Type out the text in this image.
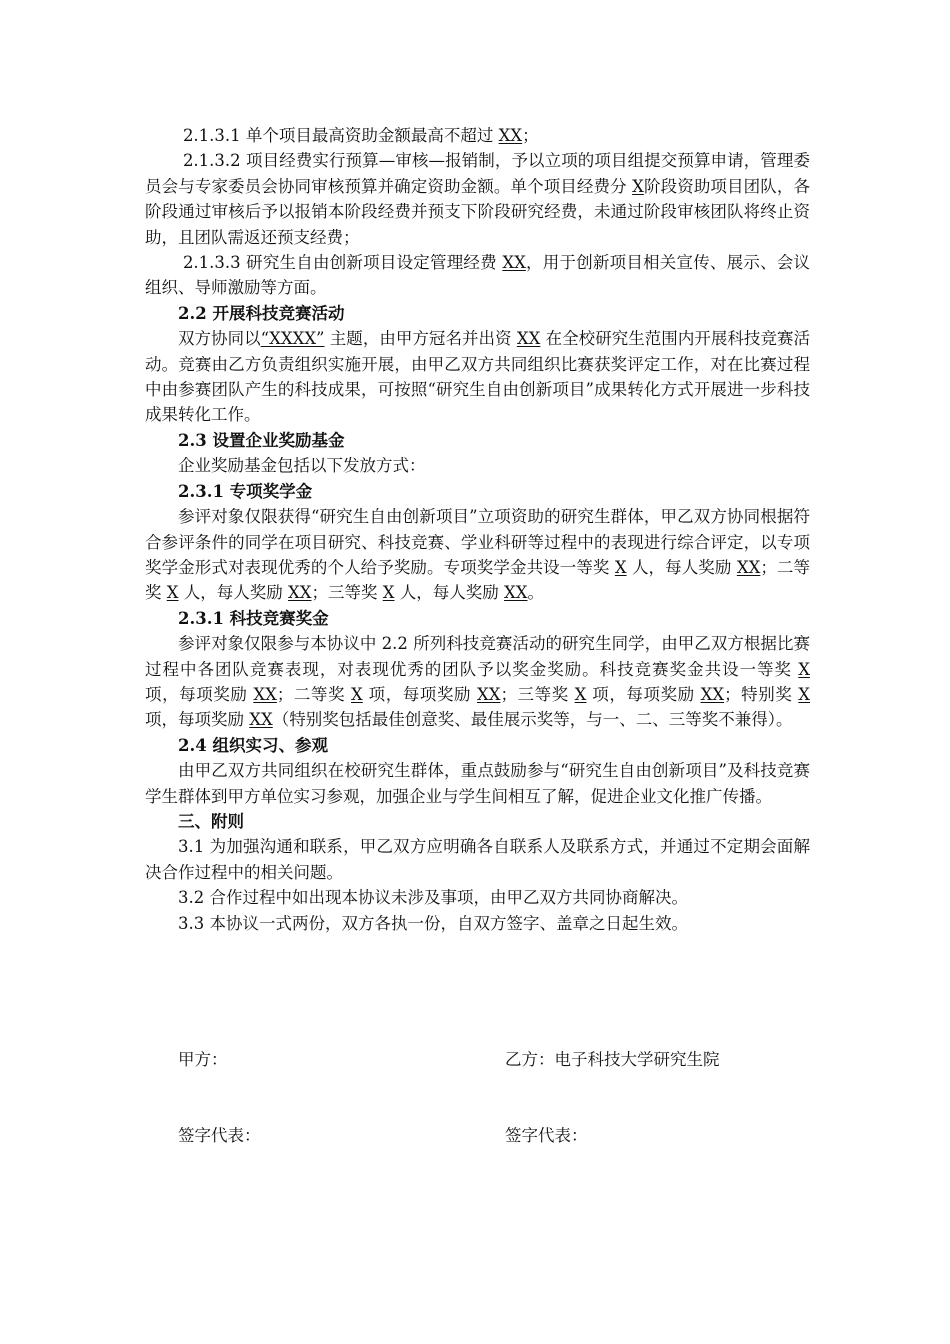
2.1.3.1 单个项目最高资助金额最高不超过 XX；

2.1.3.2 项目经费实行预算—审核—报销制，予以立项的项目组提交预算申请，管理委员会与专家委员会协同审核预算并确定资助金额。单个项目经费分 X阶段资助项目团队，各阶段通过审核后予以报销本阶段经费并预支下阶段研究经费，未通过阶段审核团队将终止资助，且团队需返还预支经费；

2.1.3.3 研究生自由创新项目设定管理经费 XX，用于创新项目相关宣传、展示、会议组织、导师激励等方面。

2.2 开展科技竞赛活动

双方协同以“XXXX” 主题，由甲方冠名并出资 XX 在全校研究生范围内开展科技竞赛活动。竞赛由乙方负责组织实施开展，由甲乙双方共同组织比赛获奖评定工作，对在比赛过程中由参赛团队产生的科技成果，可按照“研究生自由创新项目”成果转化方式开展进一步科技成果转化工作。

2.3 设置企业奖励基金

企业奖励基金包括以下发放方式：

2.3.1 专项奖学金

参评对象仅限获得“研究生自由创新项目”立项资助的研究生群体，甲乙双方协同根据符合参评条件的同学在项目研究、科技竞赛、学业科研等过程中的表现进行综合评定，以专项奖学金形式对表现优秀的个人给予奖励。专项奖学金共设一等奖 X 人，每人奖励 XX；二等奖 X 人，每人奖励 XX；三等奖 X 人，每人奖励 XX。

2.3.1 科技竞赛奖金

参评对象仅限参与本协议中 2.2 所列科技竞赛活动的研究生同学，由甲乙双方根据比赛过程中各团队竞赛表现，对表现优秀的团队予以奖金奖励。科技竞赛奖金共设一等奖 X 项，每项奖励 XX；二等奖 X 项，每项奖励 XX；三等奖 X 项，每项奖励 XX；特别奖 X 项，每项奖励 XX（特别奖包括最佳创意奖、最佳展示奖等，与一、二、三等奖不兼得）。

2.4 组织实习、参观

由甲乙双方共同组织在校研究生群体，重点鼓励参与“研究生自由创新项目”及科技竞赛学生群体到甲方单位实习参观，加强企业与学生间相互了解，促进企业文化推广传播。

三、附则

3.1 为加强沟通和联系，甲乙双方应明确各自联系人及联系方式，并通过不定期会面解决合作过程中的相关问题。

3.2 合作过程中如出现本协议未涉及事项，由甲乙双方共同协商解决。

3.3 本协议一式两份，双方各执一份，自双方签字、盖章之日起生效。

甲方：	乙方：电子科技大学研究生院
签字代表：	签字代表：
